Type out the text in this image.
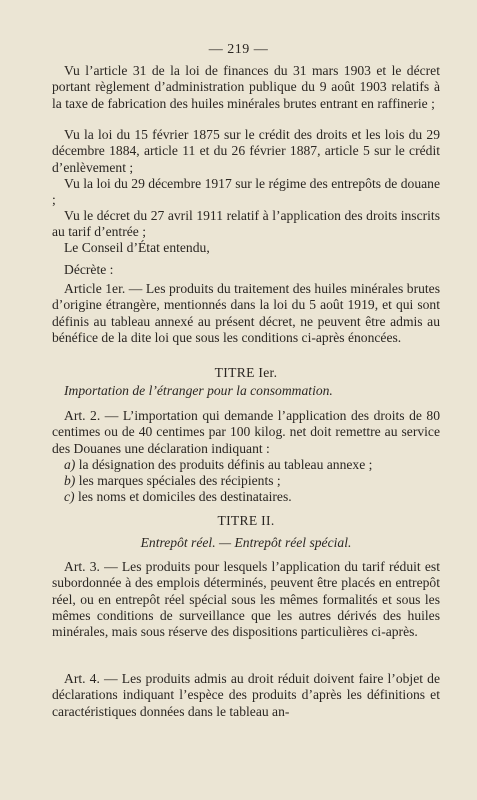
— 219 —

Vu l’article 31 de la loi de finances du 31 mars 1903 et le décret portant règlement d’administration publique du 9 août 1903 relatifs à la taxe de fabrication des huiles minérales brutes entrant en raffinerie ;

Vu la loi du 15 février 1875 sur le crédit des droits et les lois du 29 décembre 1884, article 11 et du 26 février 1887, article 5 sur le crédit d’enlèvement ;

Vu la loi du 29 décembre 1917 sur le régime des entrepôts de douane ;

Vu le décret du 27 avril 1911 relatif à l’application des droits inscrits au tarif d’entrée ;

Le Conseil d’État entendu,

Décrète :

Article 1er. — Les produits du traitement des huiles minérales brutes d’origine étrangère, mentionnés dans la loi du 5 août 1919, et qui sont définis au tableau annexé au présent décret, ne peuvent être admis au bénéfice de la dite loi que sous les conditions ci-après énoncées.

TITRE Ier.

Importation de l’étranger pour la consommation.

Art. 2. — L’importation qui demande l’application des droits de 80 centimes ou de 40 centimes par 100 kilog. net doit remettre au service des Douanes une déclaration indiquant :

a) la désignation des produits définis au tableau annexe ;

b) les marques spéciales des récipients ;

c) les noms et domiciles des destinataires.

TITRE II.

Entrepôt réel. — Entrepôt réel spécial.

Art. 3. — Les produits pour lesquels l’application du tarif réduit est subordonnée à des emplois déterminés, peuvent être placés en entrepôt réel, ou en entrepôt réel spécial sous les mêmes formalités et sous les mêmes conditions de surveillance que les autres dérivés des huiles minérales, mais sous réserve des dispositions particulières ci-après.

Art. 4. — Les produits admis au droit réduit doivent faire l’objet de déclarations indiquant l’espèce des produits d’après les définitions et caractéristiques données dans le tableau an-
